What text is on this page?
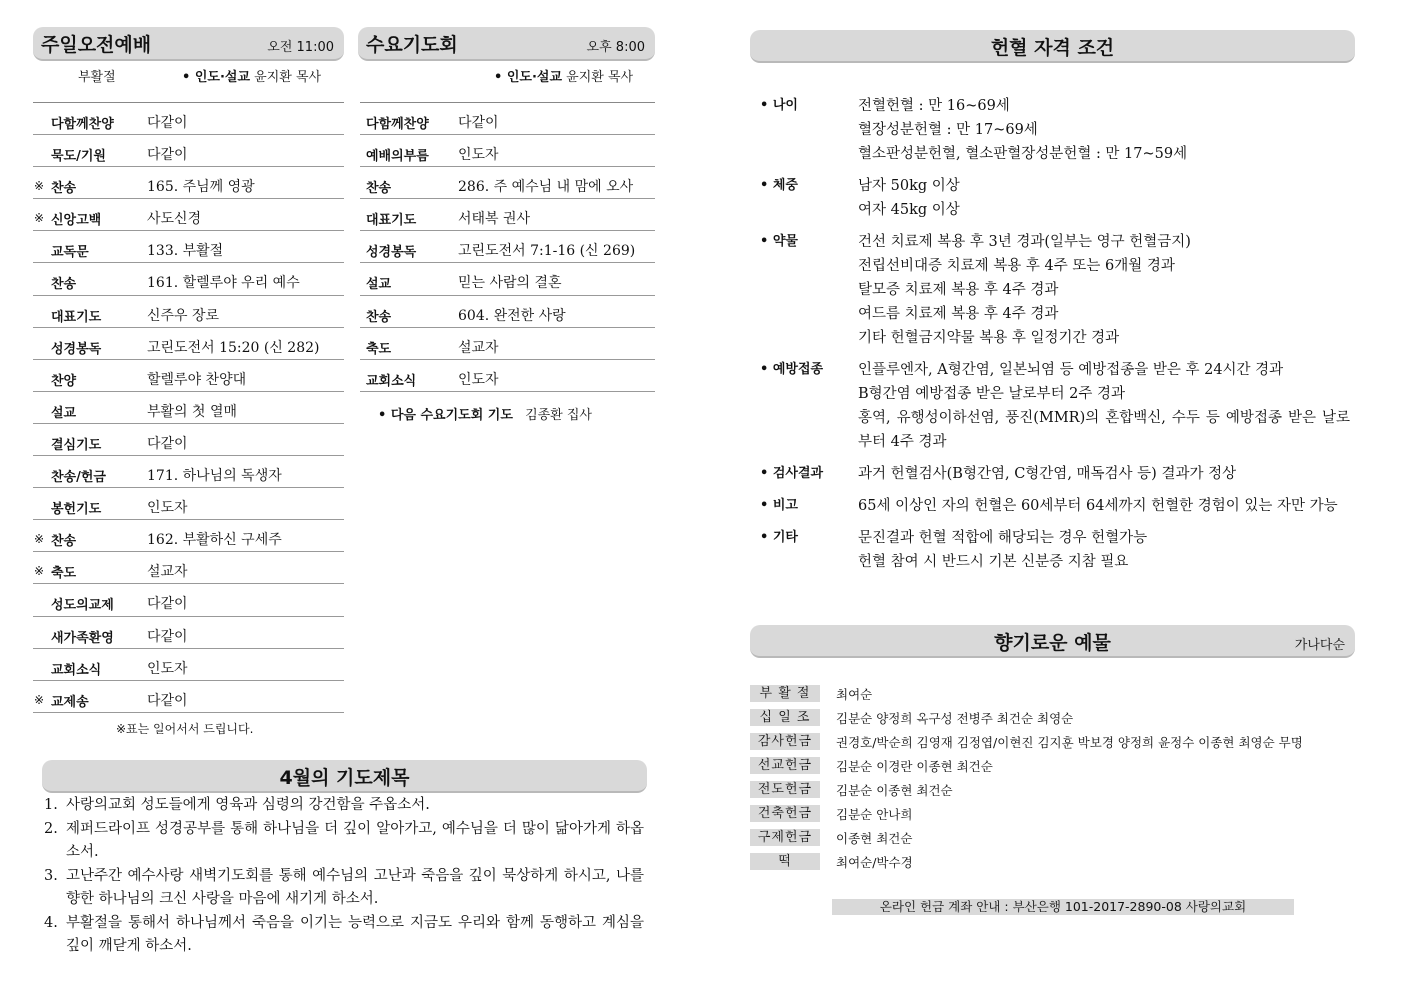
주일오전예배	오전 11:00
부활절	• 인도·설교 윤지환 목사
다함께찬양	다같이
묵도/기원	다같이
※ 찬송	165. 주님께 영광
※ 신앙고백	사도신경
교독문	133. 부활절
찬송	161. 할렐루야 우리 예수
대표기도	신주우 장로
성경봉독	고린도전서 15:20 (신 282)
찬양	할렐루야 찬양대
설교	부활의 첫 열매
결심기도	다같이
찬송/헌금	171. 하나님의 독생자
봉헌기도	인도자
※ 찬송	162. 부활하신 구세주
※ 축도	설교자
성도의교제	다같이
새가족환영	다같이
교회소식	인도자
※ 교제송	다같이
※표는 일어서서 드립니다.
수요기도회	오후 8:00
• 인도·설교 윤지환 목사
다함께찬양	다같이
예배의부름	인도자
찬송	286. 주 예수님 내 맘에 오사
대표기도	서태복 권사
성경봉독	고린도전서 7:1-16 (신 269)
설교	믿는 사람의 결혼
찬송	604. 완전한 사랑
축도	설교자
교회소식	인도자
• 다음 수요기도회 기도 김종환 집사
4월의 기도제목
1. 사랑의교회 성도들에게 영육과 심령의 강건함을 주옵소서.
2. 제퍼드라이프 성경공부를 통해 하나님을 더 깊이 알아가고, 예수님을 더 많이 닮아가게 하옵소서.
3. 고난주간 예수사랑 새벽기도회를 통해 예수님의 고난과 죽음을 깊이 묵상하게 하시고, 나를 향한 하나님의 크신 사랑을 마음에 새기게 하소서.
4. 부활절을 통해서 하나님께서 죽음을 이기는 능력으로 지금도 우리와 함께 동행하고 계심을 깊이 깨닫게 하소서.
헌혈 자격 조건
• 나이	전혈헌혈 : 만 16~69세
혈장성분헌혈 : 만 17~69세
혈소판성분헌혈, 혈소판혈장성분헌혈 : 만 17~59세
• 체중	남자 50kg 이상
여자 45kg 이상
• 약물	건선 치료제 복용 후 3년 경과(일부는 영구 헌혈금지)
전립선비대증 치료제 복용 후 4주 또는 6개월 경과
탈모증 치료제 복용 후 4주 경과
여드름 치료제 복용 후 4주 경과
기타 헌혈금지약물 복용 후 일정기간 경과
• 예방접종 인플루엔자, A형간염, 일본뇌염 등 예방접종을 받은 후 24시간 경과
B형간염 예방접종 받은 날로부터 2주 경과
홍역, 유행성이하선염, 풍진(MMR)의 혼합백신, 수두 등 예방접종 받은 날로부터 4주 경과
• 검사결과 과거 헌혈검사(B형간염, C형간염, 매독검사 등) 결과가 정상
• 비고	65세 이상인 자의 헌혈은 60세부터 64세까지 헌혈한 경험이 있는 자만 가능
• 기타	문진결과 헌혈 적합에 해당되는 경우 헌혈가능
헌혈 참여 시 반드시 기본 신분증 지참 필요
향기로운 예물	가나다순
부 활 절	최여순
십 일 조	김분순 양정희 옥구성 전병주 최건순 최영순
감사헌금	권경호/박순희 김영재 김정엽/이현진 김지훈 박보경 양정희 윤정수 이종현 최영순 무명
선교헌금	김분순 이경란 이종현 최건순
전도헌금	김분순 이종현 최건순
건축헌금	김분순 안나희
구제헌금	이종현 최건순
떡	최여순/박수경
온라인 헌금 계좌 안내 : 부산은행 101-2017-2890-08 사랑의교회
